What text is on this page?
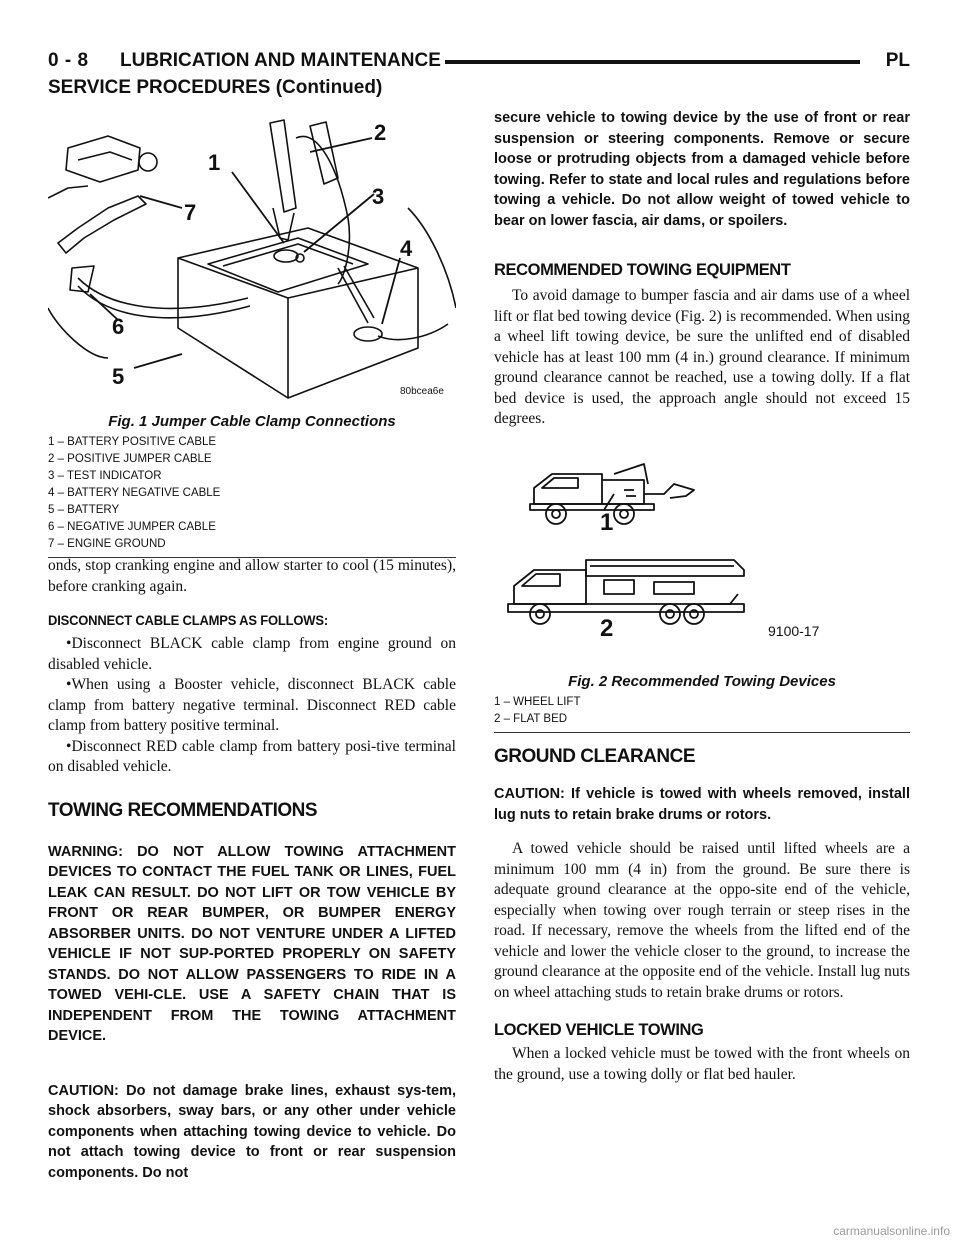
0 - 8 LUBRICATION AND MAINTENANCE	PL
SERVICE PROCEDURES (Continued)
1
2
3
4
5
6
7
80bcea6e
Fig. 1 Jumper Cable Clamp Connections
1 – BATTERY POSITIVE CABLE
2 – POSITIVE JUMPER CABLE
3 – TEST INDICATOR
4 – BATTERY NEGATIVE CABLE
5 – BATTERY
6 – NEGATIVE JUMPER CABLE
7 – ENGINE GROUND
onds, stop cranking engine and allow starter to cool (15 minutes), before cranking again.
DISCONNECT CABLE CLAMPS AS FOLLOWS:
•Disconnect BLACK cable clamp from engine ground on disabled vehicle.
•When using a Booster vehicle, disconnect BLACK cable clamp from battery negative terminal. Disconnect RED cable clamp from battery positive terminal.
•Disconnect RED cable clamp from battery posi-tive terminal on disabled vehicle.
TOWING RECOMMENDATIONS
WARNING: DO NOT ALLOW TOWING ATTACHMENT DEVICES TO CONTACT THE FUEL TANK OR LINES, FUEL LEAK CAN RESULT. DO NOT LIFT OR TOW VEHICLE BY FRONT OR REAR BUMPER, OR BUMPER ENERGY ABSORBER UNITS. DO NOT VENTURE UNDER A LIFTED VEHICLE IF NOT SUP-PORTED PROPERLY ON SAFETY STANDS. DO NOT ALLOW PASSENGERS TO RIDE IN A TOWED VEHI-CLE. USE A SAFETY CHAIN THAT IS INDEPENDENT FROM THE TOWING ATTACHMENT DEVICE.
CAUTION: Do not damage brake lines, exhaust sys-tem, shock absorbers, sway bars, or any other under vehicle components when attaching towing device to vehicle. Do not attach towing device to front or rear suspension components. Do not
secure vehicle to towing device by the use of front or rear suspension or steering components. Remove or secure loose or protruding objects from a damaged vehicle before towing. Refer to state and local rules and regulations before towing a vehicle. Do not allow weight of towed vehicle to bear on lower fascia, air dams, or spoilers.
RECOMMENDED TOWING EQUIPMENT
To avoid damage to bumper fascia and air dams use of a wheel lift or flat bed towing device (Fig. 2) is recommended. When using a wheel lift towing device, be sure the unlifted end of disabled vehicle has at least 100 mm (4 in.) ground clearance. If minimum ground clearance cannot be reached, use a towing dolly. If a flat bed device is used, the approach angle should not exceed 15 degrees.
1
2	9100-17
Fig. 2 Recommended Towing Devices
1 – WHEEL LIFT
2 – FLAT BED
GROUND CLEARANCE
CAUTION: If vehicle is towed with wheels removed, install lug nuts to retain brake drums or rotors.
A towed vehicle should be raised until lifted wheels are a minimum 100 mm (4 in) from the ground. Be sure there is adequate ground clearance at the oppo-site end of the vehicle, especially when towing over rough terrain or steep rises in the road. If necessary, remove the wheels from the lifted end of the vehicle and lower the vehicle closer to the ground, to increase the ground clearance at the opposite end of the vehicle. Install lug nuts on wheel attaching studs to retain brake drums or rotors.
LOCKED VEHICLE TOWING
When a locked vehicle must be towed with the front wheels on the ground, use a towing dolly or flat bed hauler.
carmanualsonline.info
